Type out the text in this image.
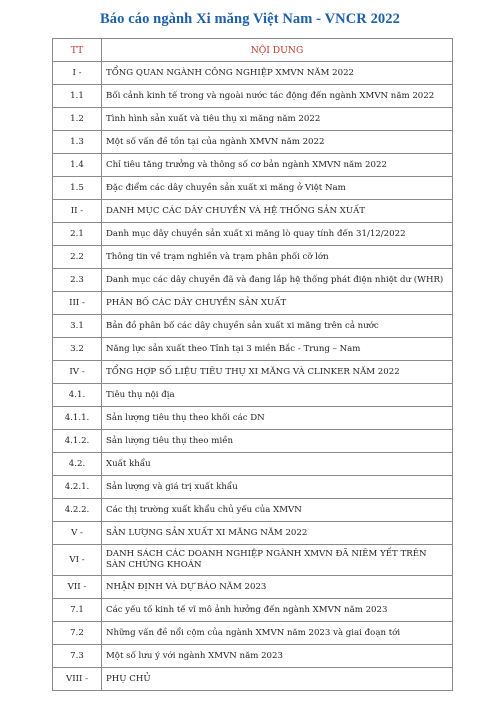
Báo cáo ngành Xi măng Việt Nam - VNCR 2022
TT	NỘI DUNG
I -	TỔNG QUAN NGÀNH CÔNG NGHIỆP XMVN NĂM 2022
1.1	Bối cảnh kinh tế trong và ngoài nước tác động đến ngành XMVN năm 2022
1.2	Tình hình sản xuất và tiêu thụ xi măng năm 2022
1.3	Một số vấn đề tồn tại của ngành XMVN năm 2022
1.4	Chỉ tiêu tăng trưởng và thông số cơ bản ngành XMVN năm 2022
1.5	Đặc điểm các dây chuyền sản xuất xi măng ở Việt Nam
II -	DANH MỤC CÁC DÂY CHUYỀN VÀ HỆ THỐNG SẢN XUẤT
2.1	Danh mục dây chuyền sản xuất xi măng lò quay tính đến 31/12/2022
2.2	Thông tin về trạm nghiền và trạm phân phối cỡ lớn
2.3	Danh mục các dây chuyền đã và đang lắp hệ thống phát điện nhiệt dư (WHR)
III -	PHÂN BỐ CÁC DÂY CHUYỀN SẢN XUẤT
3.1	Bản đồ phân bố các dây chuyền sản xuất xi măng trên cả nước
3.2	Năng lực sản xuất theo Tỉnh tại 3 miền Bắc - Trung – Nam
IV -	TỔNG HỢP SỐ LIỆU TIÊU THỤ XI MĂNG VÀ CLINKER NĂM 2022
4.1.	Tiêu thụ nội địa
4.1.1.	Sản lượng tiêu thụ theo khối các DN
4.1.2.	Sản lượng tiêu thụ theo miền
4.2.	Xuất khẩu
4.2.1.	Sản lượng và giá trị xuất khẩu
4.2.2.	Các thị trường xuất khẩu chủ yếu của XMVN
V -	SẢN LƯỢNG SẢN XUẤT XI MĂNG NĂM 2022
VI -	DANH SÁCH CÁC DOANH NGHIỆP NGÀNH XMVN ĐÃ NIÊM YẾT TRÊN SÀN CHỨNG KHOÁN
VII -	NHẬN ĐỊNH VÀ DỰ BÁO NĂM 2023
7.1	Các yếu tố kinh tế vĩ mô ảnh hưởng đến ngành XMVN năm 2023
7.2	Những vấn đề nổi cộm của ngành XMVN năm 2023 và giai đoạn tới
7.3	Một số lưu ý với ngành XMVN năm 2023
VIII -	PHỤ CHỦ
